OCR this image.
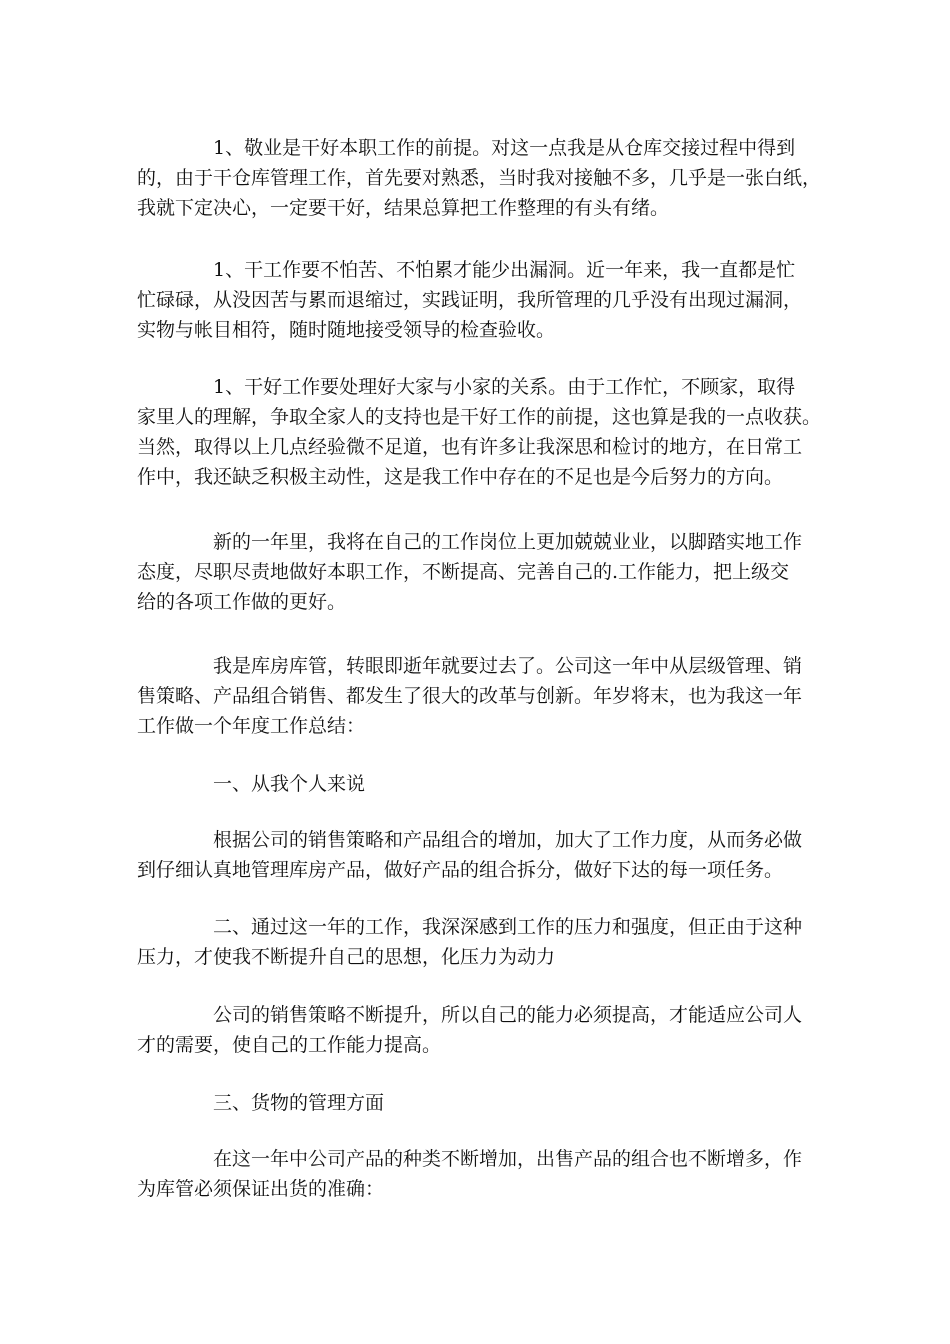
1、敬业是干好本职工作的前提。对这一点我是从仓库交接过程中得到
的，由于干仓库管理工作，首先要对熟悉，当时我对接触不多，几乎是一张白纸，
我就下定决心，一定要干好，结果总算把工作整理的有头有绪。
1、干工作要不怕苦、不怕累才能少出漏洞。近一年来，我一直都是忙
忙碌碌，从没因苦与累而退缩过，实践证明，我所管理的几乎没有出现过漏洞，
实物与帐目相符，随时随地接受领导的检查验收。
1、干好工作要处理好大家与小家的关系。由于工作忙，不顾家，取得
家里人的理解，争取全家人的支持也是干好工作的前提，这也算是我的一点收获。
当然，取得以上几点经验微不足道，也有许多让我深思和检讨的地方，在日常工
作中，我还缺乏积极主动性，这是我工作中存在的不足也是今后努力的方向。
新的一年里，我将在自己的工作岗位上更加兢兢业业，以脚踏实地工作
态度，尽职尽责地做好本职工作，不断提高、完善自己的.工作能力，把上级交
给的各项工作做的更好。
我是库房库管，转眼即逝年就要过去了。公司这一年中从层级管理、销
售策略、产品组合销售、都发生了很大的改革与创新。年岁将末，也为我这一年
工作做一个年度工作总结：
一、从我个人来说
根据公司的销售策略和产品组合的增加，加大了工作力度，从而务必做
到仔细认真地管理库房产品，做好产品的组合拆分，做好下达的每一项任务。
二、通过这一年的工作，我深深感到工作的压力和强度，但正由于这种
压力，才使我不断提升自己的思想，化压力为动力
公司的销售策略不断提升，所以自己的能力必须提高，才能适应公司人
才的需要，使自己的工作能力提高。
三、货物的管理方面
在这一年中公司产品的种类不断增加，出售产品的组合也不断增多，作
为库管必须保证出货的准确：
